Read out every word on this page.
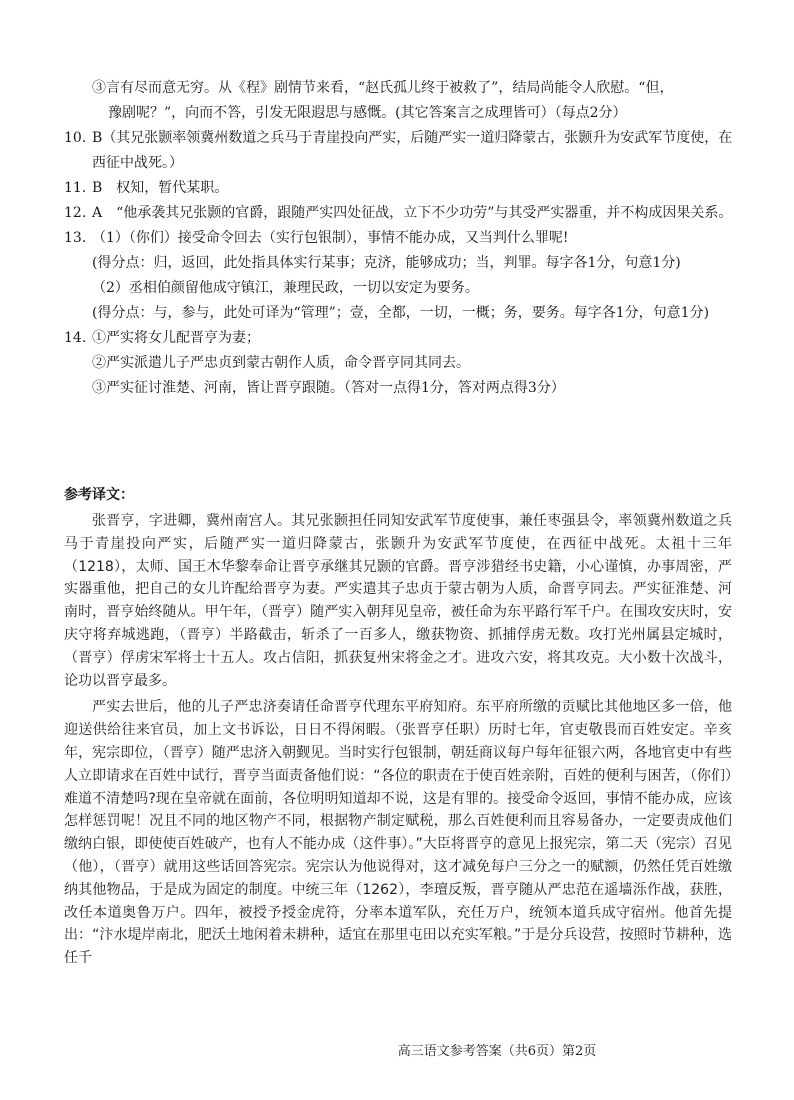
③言有尽而意无穷。从《程》剧情节来看，“赵氏孤儿终于被救了”，结局尚能令人欣慰。“但，
豫剧呢？”，向而不答，引发无限遐思与感慨。(其它答案言之成理皆可）（每点2分）
10. B（其兄张颢率领冀州数道之兵马于青崖投向严实，后随严实一道归降蒙古，张颢升为安武军节度使，在西征中战死。）
11. B　权知，暂代某职。
12. A　“他承袭其兄张颢的官爵，跟随严实四处征战，立下不少功劳”与其受严实器重，并不构成因果关系。
13. （1）（你们）接受命令回去（实行包银制），事情不能办成，又当判什么罪呢!
(得分点：归，返回，此处指具体实行某事；克济，能够成功；当，判罪。每字各1分，句意1分)
（2）丞相伯颜留他成守镇江，兼理民政，一切以安定为要务。
(得分点：与，参与，此处可译为“管理”；壹，全都，一切，一概；务，要务。每字各1分，句意1分)
14. ①严实将女儿配晋亨为妻；
②严实派遣儿子严忠贞到蒙古朝作人质，命令晋亨同其同去。
③严实征讨淮楚、河南，皆让晋亨跟随。（答对一点得1分，答对两点得3分）
参考译文：

张晋亨，字进卿，冀州南宫人。其兄张颢担任同知安武军节度使事，兼任枣强县令，率领冀州数道之兵马于青崖投向严实，后随严实一道归降蒙古，张颢升为安武军节度使，在西征中战死。太祖十三年（1218），太师、国王木华黎奉命让晋亨承继其兄颢的官爵。晋亨涉猎经书史籍，小心谨慎，办事周密，严实器重他，把自己的女儿许配给晋亨为妻。严实遣其子忠贞于蒙古朝为人质，命晋亨同去。严实征淮楚、河南时，晋亨始终随从。甲午年，（晋亨）随严实入朝拜见皇帝，被任命为东平路行军千户。在围攻安庆时，安庆守将弃城逃跑，（晋亨）半路截击，斩杀了一百多人，缴获物资、抓捕俘虏无数。攻打光州属县定城时，（晋亨）俘虏宋军将士十五人。攻占信阳，抓获复州宋将金之才。进攻六安，将其攻克。大小数十次战斗，论功以晋亨最多。

严实去世后，他的儿子严忠济奏请任命晋亨代理东平府知府。东平府所缴的贡赋比其他地区多一倍，他迎送供给往来官员，加上文书诉讼，日日不得闲暇。（张晋亨任职）历时七年，官吏敬畏而百姓安定。辛亥年，宪宗即位，（晋亨）随严忠济入朝觐见。当时实行包银制，朝廷商议每户每年征银六两，各地官吏中有些人立即请求在百姓中试行，晋亨当面责备他们说：“各位的职责在于使百姓亲附，百姓的便利与困苦，（你们）难道不清楚吗?现在皇帝就在面前，各位明明知道却不说，这是有罪的。接受命令返回，事情不能办成，应该怎样惩罚呢！况且不同的地区物产不同，根据物产制定赋税，那么百姓便利而且容易备办，一定要责成他们缴纳白银，即使使百姓破产，也有人不能办成（这件事）。”大臣将晋亨的意见上报宪宗，第二天（宪宗）召见（他），（晋亨）就用这些话回答宪宗。宪宗认为他说得对，这才减免每户三分之一的赋额，仍然任凭百姓缴纳其他物品，于是成为固定的制度。中统三年（1262），李璮反叛，晋亨随从严忠范在遥墙泺作战，获胜，改任本道奥鲁万户。四年，被授予授金虎符，分率本道军队，充任万户，统领本道兵成守宿州。他首先提出：“汴水堤岸南北，肥沃土地闲着未耕种，适宜在那里屯田以充实军粮。”于是分兵设营，按照时节耕种，选任千

高三语文参考答案（共6页）第2页
